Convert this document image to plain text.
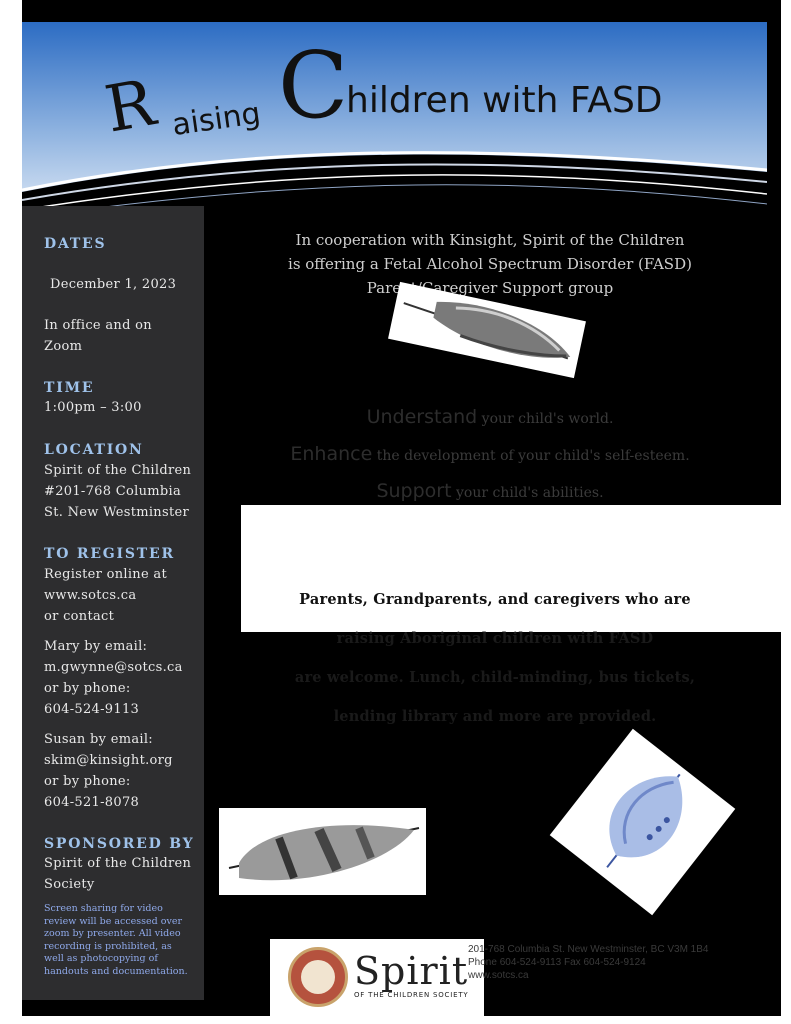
R aising C
hildren with FASD
DATES
December 1, 2023
In office and on Zoom
TIME
1:00pm – 3:00
LOCATION
Spirit of the Children
#201-768 Columbia
St. New Westminster
TO REGISTER
Register online at
www.sotcs.ca
or contact
Mary by email:
m.gwynne@sotcs.ca
or by phone:
604-524-9113
Susan by email:
skim@kinsight.org
or by phone:
604-521-8078
SPONSORED BY
Spirit of the Children
Society
Screen sharing for video review will be accessed over zoom by presenter. All video recording is prohibited, as well as photocopying of handouts and documentation.
In cooperation with Kinsight, Spirit of the Children
is offering a Fetal Alcohol Spectrum Disorder (FASD)
Parent/Caregiver Support group
Understand your child's world.
Enhance the development of your child's self-esteem.
Support your child's abilities.
Parents, Grandparents, and caregivers who are
raising Aboriginal children with FASD
are welcome. Lunch, child-minding, bus tickets,
lending library and more are provided.
Spirit
OF THE CHILDREN SOCIETY
201-768 Columbia St. New Westminster, BC V3M 1B4
Phone 604-524-9113 Fax 604-524-9124
www.sotcs.ca
